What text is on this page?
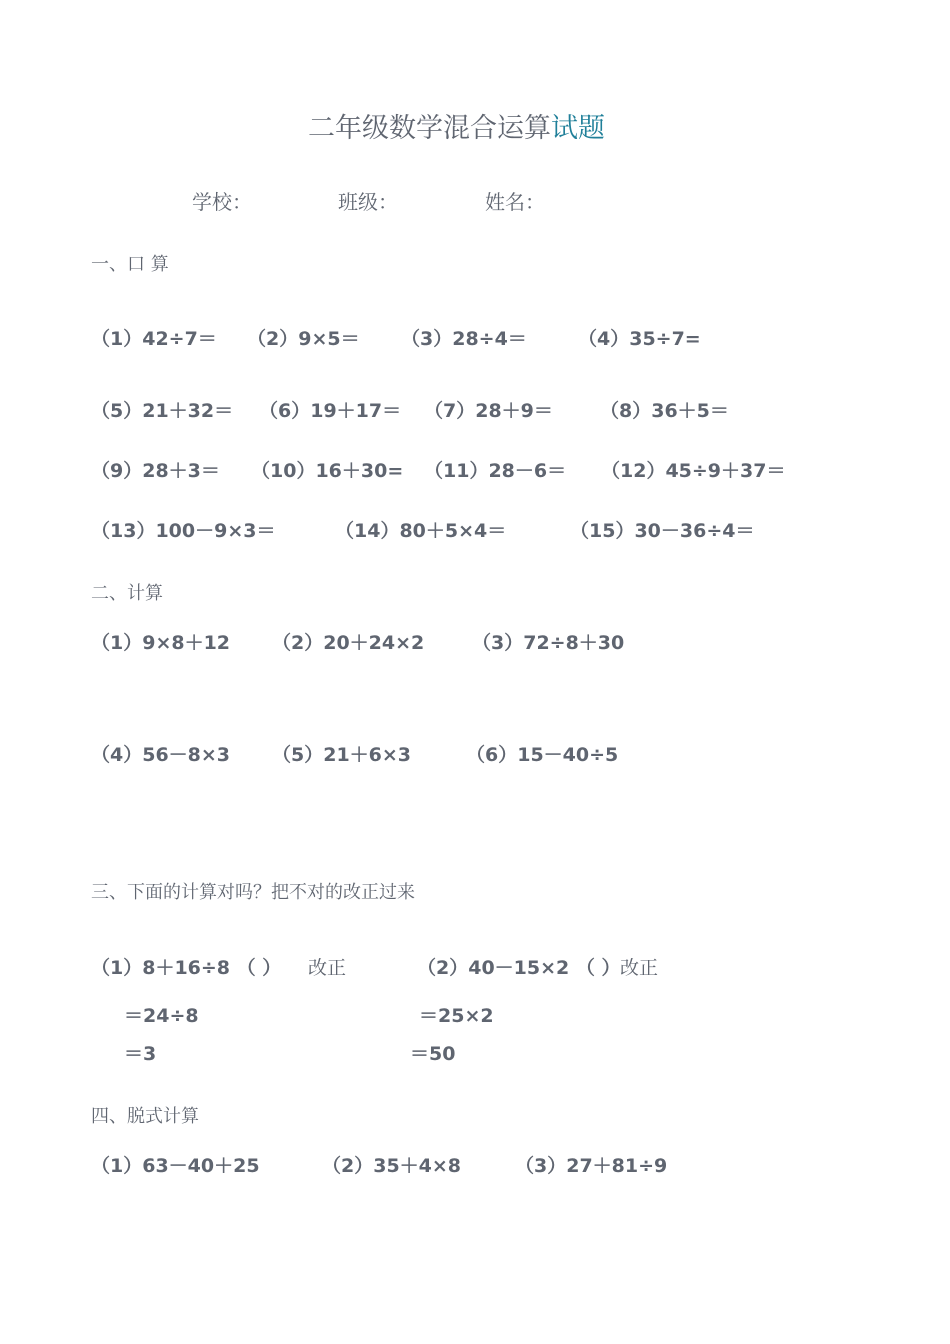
二年级数学混合运算试题
学校：	班级：	姓名：
一、口 算
（1）42÷7＝ （2）9×5＝ （3）28÷4＝	（4）35÷7=
（5）21＋32＝ （6）19＋17＝ （7）28＋9＝ （8）36＋5＝
（9）28＋3＝ （10）16＋30= （11）28－6＝ （12）45÷9＋37＝
（13）100－9×3＝	（14）80＋5×4＝	（15）30－36÷4＝
二、计算
（1）9×8＋12 （2）20＋24×2	（3）72÷8＋30
（4）56－8×3 （5）21＋6×3	（6）15－40÷5
三、下面的计算对吗？把不对的改正过来
（1）8＋16÷8 （ ） 改正
＝24÷8
＝3
（2）40－15×2 （ ） 改正
＝25×2
＝50
四、脱式计算
（1）63－40＋25	（2）35＋4×8	（3）27＋81÷9
